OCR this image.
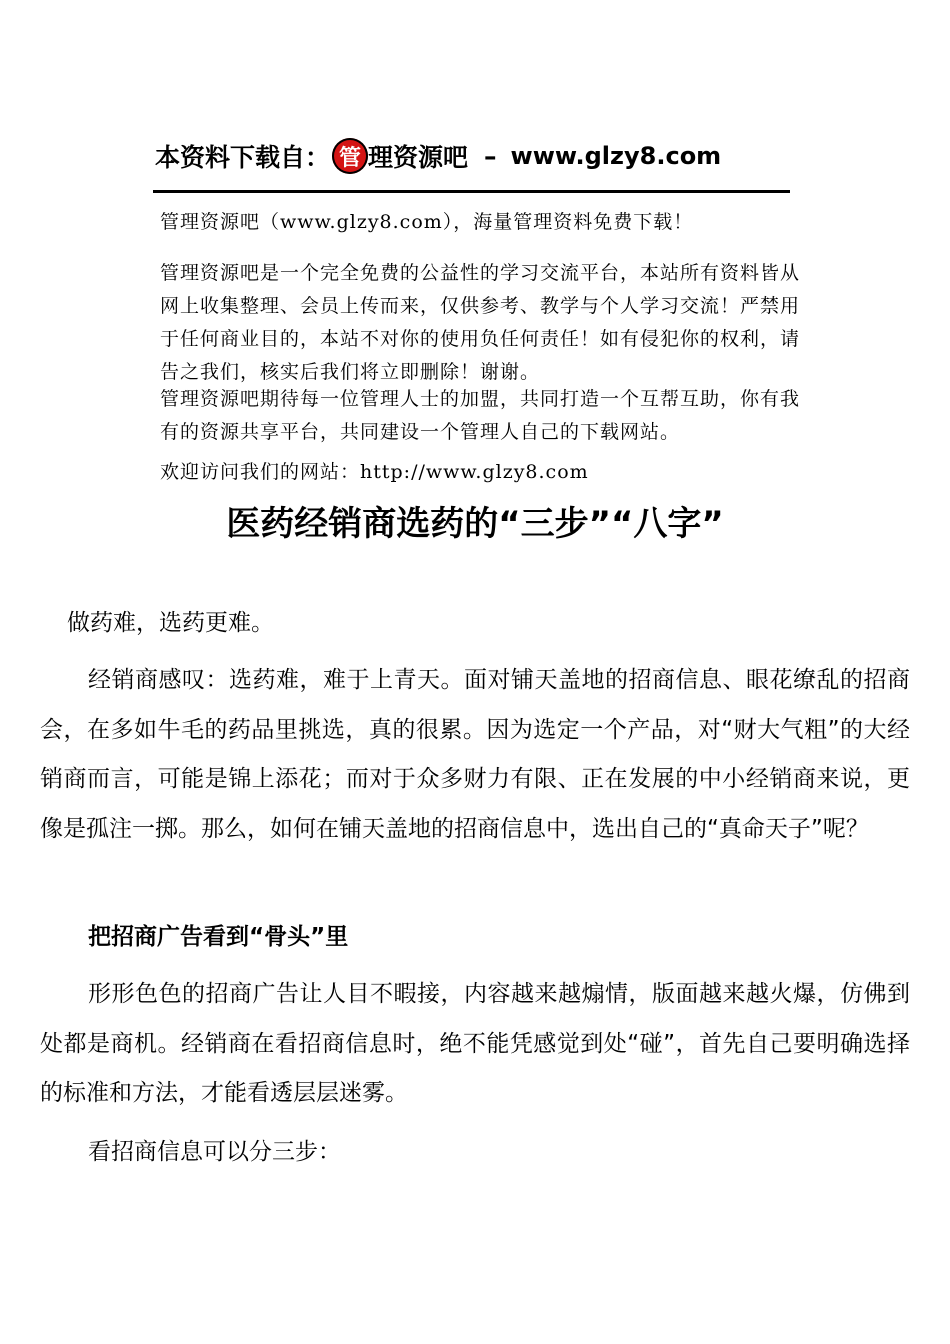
本资料下载自： 管 理资源吧 – www.glzy8.com

管理资源吧（www.glzy8.com），海量管理资料免费下载！

管理资源吧是一个完全免费的公益性的学习交流平台，本站所有资料皆从网上收集整理、会员上传而来，仅供参考、教学与个人学习交流！严禁用于任何商业目的，本站不对你的使用负任何责任！如有侵犯你的权利，请告之我们，核实后我们将立即删除！谢谢。

管理资源吧期待每一位管理人士的加盟，共同打造一个互帮互助，你有我有的资源共享平台，共同建设一个管理人自己的下载网站。

欢迎访问我们的网站：http://www.glzy8.com

医药经销商选药的“三步”“八字”

做药难，选药更难。

经销商感叹：选药难，难于上青天。面对铺天盖地的招商信息、眼花缭乱的招商会，在多如牛毛的药品里挑选，真的很累。因为选定一个产品，对“财大气粗”的大经销商而言，可能是锦上添花；而对于众多财力有限、正在发展的中小经销商来说，更像是孤注一掷。那么，如何在铺天盖地的招商信息中，选出自己的“真命天子”呢？

把招商广告看到“骨头”里

形形色色的招商广告让人目不暇接，内容越来越煽情，版面越来越火爆，仿佛到处都是商机。经销商在看招商信息时，绝不能凭感觉到处“碰”，首先自己要明确选择的标准和方法，才能看透层层迷雾。

看招商信息可以分三步：
